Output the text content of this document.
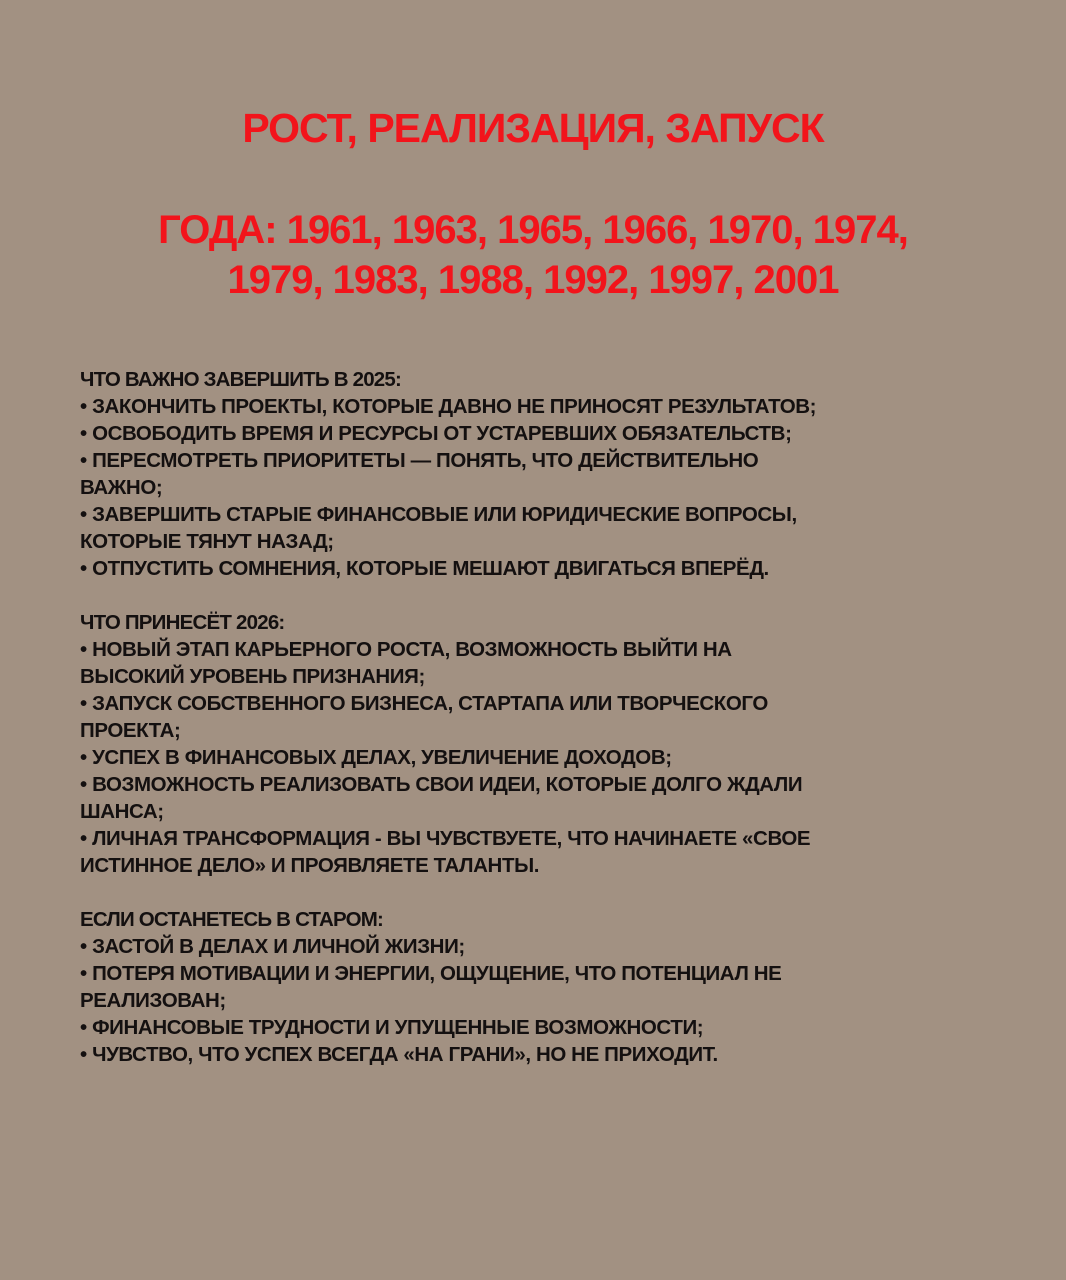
РОСТ, РЕАЛИЗАЦИЯ, ЗАПУСК
ГОДА: 1961, 1963, 1965, 1966, 1970, 1974,
1979, 1983, 1988, 1992, 1997, 2001
ЧТО ВАЖНО ЗАВЕРШИТЬ В 2025:
• ЗАКОНЧИТЬ ПРОЕКТЫ, КОТОРЫЕ ДАВНО НЕ ПРИНОСЯТ РЕЗУЛЬТАТОВ;
• ОСВОБОДИТЬ ВРЕМЯ И РЕСУРСЫ ОТ УСТАРЕВШИХ ОБЯЗАТЕЛЬСТВ;
• ПЕРЕСМОТРЕТЬ ПРИОРИТЕТЫ — ПОНЯТЬ, ЧТО ДЕЙСТВИТЕЛЬНО ВАЖНО;
• ЗАВЕРШИТЬ СТАРЫЕ ФИНАНСОВЫЕ ИЛИ ЮРИДИЧЕСКИЕ ВОПРОСЫ, КОТОРЫЕ ТЯНУТ НАЗАД;
• ОТПУСТИТЬ СОМНЕНИЯ, КОТОРЫЕ МЕШАЮТ ДВИГАТЬСЯ ВПЕРЁД.
ЧТО ПРИНЕСЁТ 2026:
• НОВЫЙ ЭТАП КАРЬЕРНОГО РОСТА, ВОЗМОЖНОСТЬ ВЫЙТИ НА ВЫСОКИЙ УРОВЕНЬ ПРИЗНАНИЯ;
• ЗАПУСК СОБСТВЕННОГО БИЗНЕСА, СТАРТАПА ИЛИ ТВОРЧЕСКОГО ПРОЕКТА;
• УСПЕХ В ФИНАНСОВЫХ ДЕЛАХ, УВЕЛИЧЕНИЕ ДОХОДОВ;
• ВОЗМОЖНОСТЬ РЕАЛИЗОВАТЬ СВОИ ИДЕИ, КОТОРЫЕ ДОЛГО ЖДАЛИ ШАНСА;
• ЛИЧНАЯ ТРАНСФОРМАЦИЯ - ВЫ ЧУВСТВУЕТЕ, ЧТО НАЧИНАЕТЕ «СВОЕ ИСТИННОЕ ДЕЛО» И ПРОЯВЛЯЕТЕ ТАЛАНТЫ.
ЕСЛИ ОСТАНЕТЕСЬ В СТАРОМ:
• ЗАСТОЙ В ДЕЛАХ И ЛИЧНОЙ ЖИЗНИ;
• ПОТЕРЯ МОТИВАЦИИ И ЭНЕРГИИ, ОЩУЩЕНИЕ, ЧТО ПОТЕНЦИАЛ НЕ РЕАЛИЗОВАН;
• ФИНАНСОВЫЕ ТРУДНОСТИ И УПУЩЕННЫЕ ВОЗМОЖНОСТИ;
• ЧУВСТВО, ЧТО УСПЕХ ВСЕГДА «НА ГРАНИ», НО НЕ ПРИХОДИТ.
